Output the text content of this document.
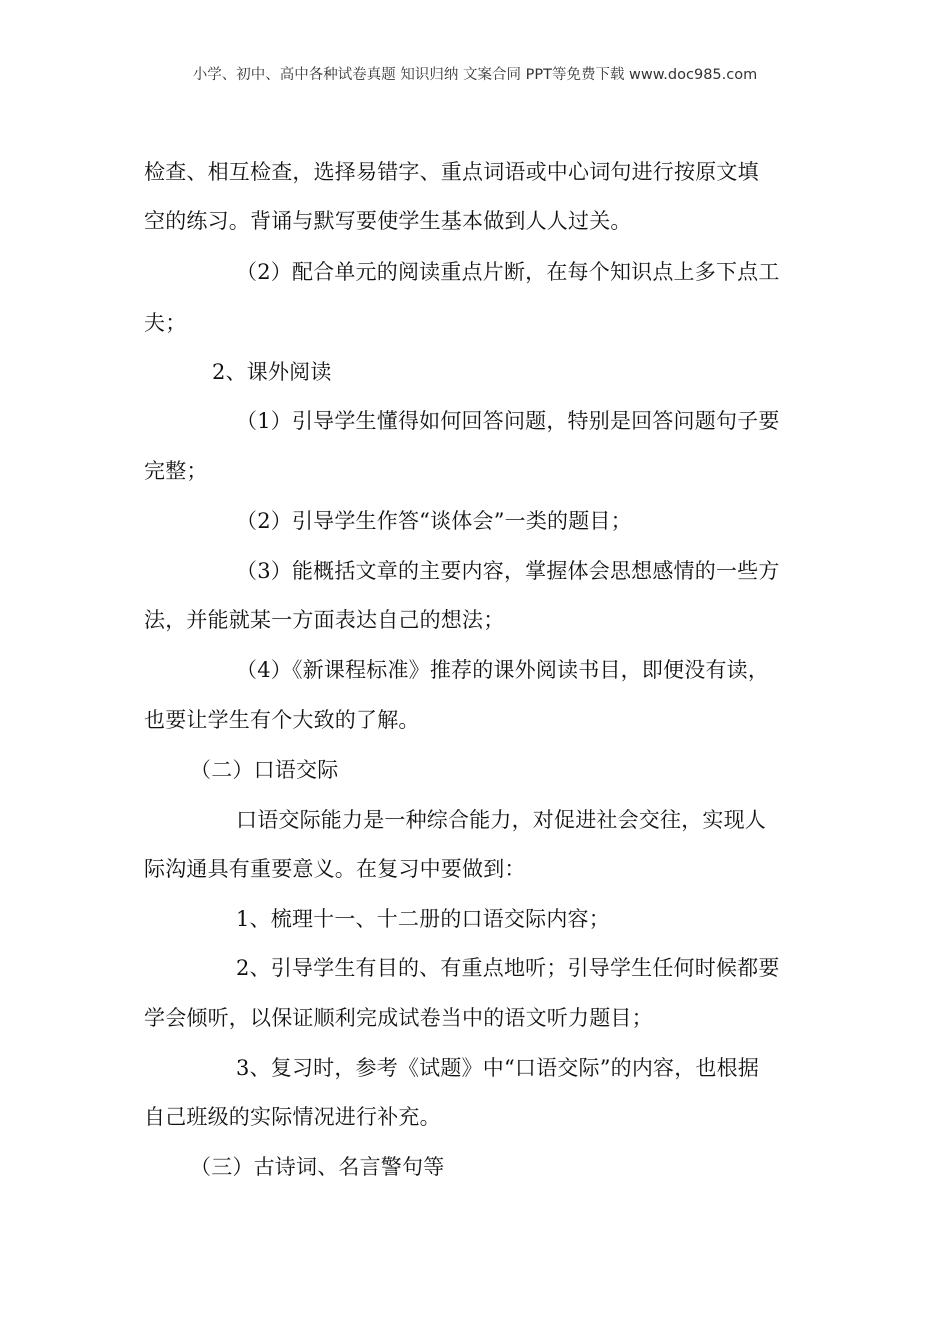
小学、初中、高中各种试卷真题 知识归纳 文案合同 PPT等免费下载 www.doc985.com
检查、相互检查，选择易错字、重点词语或中心词句进行按原文填
空的练习。背诵与默写要使学生基本做到人人过关。
（2）配合单元的阅读重点片断，在每个知识点上多下点工
夫；
2、课外阅读
（1）引导学生懂得如何回答问题，特别是回答问题句子要
完整；
（2）引导学生作答“谈体会”一类的题目；
（3）能概括文章的主要内容，掌握体会思想感情的一些方
法，并能就某一方面表达自己的想法；
（4）《新课程标准》推荐的课外阅读书目，即便没有读，
也要让学生有个大致的了解。
（二）口语交际
口语交际能力是一种综合能力，对促进社会交往，实现人
际沟通具有重要意义。在复习中要做到：
1、梳理十一、十二册的口语交际内容；
2、引导学生有目的、有重点地听；引导学生任何时候都要
学会倾听，以保证顺利完成试卷当中的语文听力题目；
3、复习时，参考《试题》中“口语交际”的内容，也根据
自己班级的实际情况进行补充。
（三）古诗词、名言警句等
